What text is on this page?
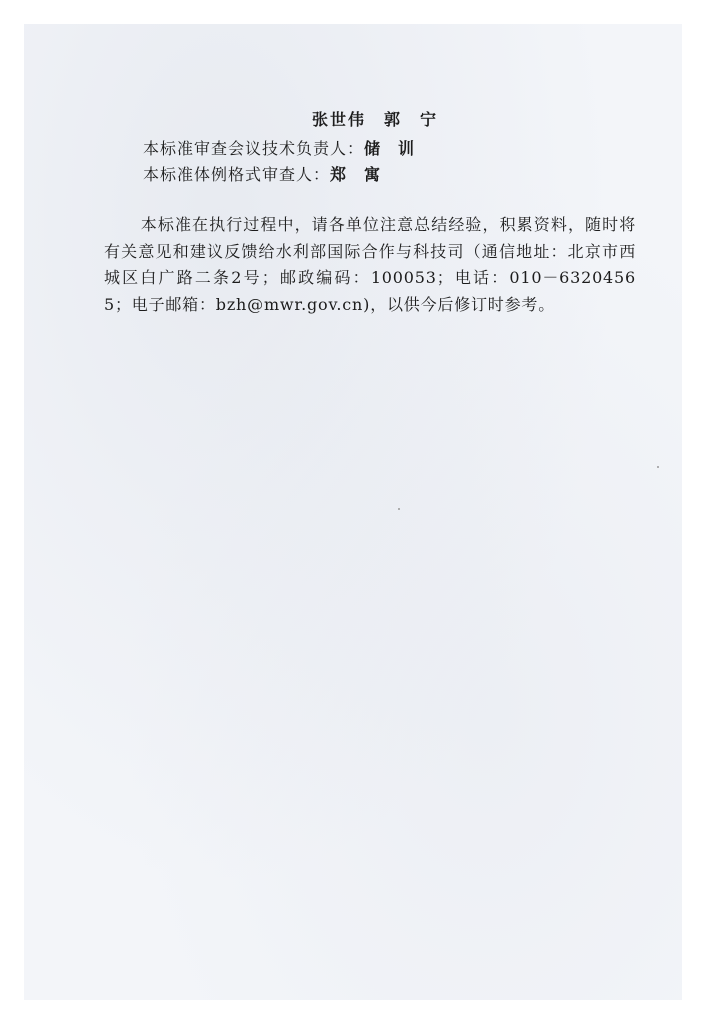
张世伟　郭　宁
本标准审查会议技术负责人：储　训
本标准体例格式审查人：郑　寓
本标准在执行过程中，请各单位注意总结经验，积累资料，随时将有关意见和建议反馈给水利部国际合作与科技司（通信地址：北京市西城区白广路二条2号；邮政编码：100053；电话：010－63204565；电子邮箱：bzh@mwr.gov.cn)，以供今后修订时参考。
